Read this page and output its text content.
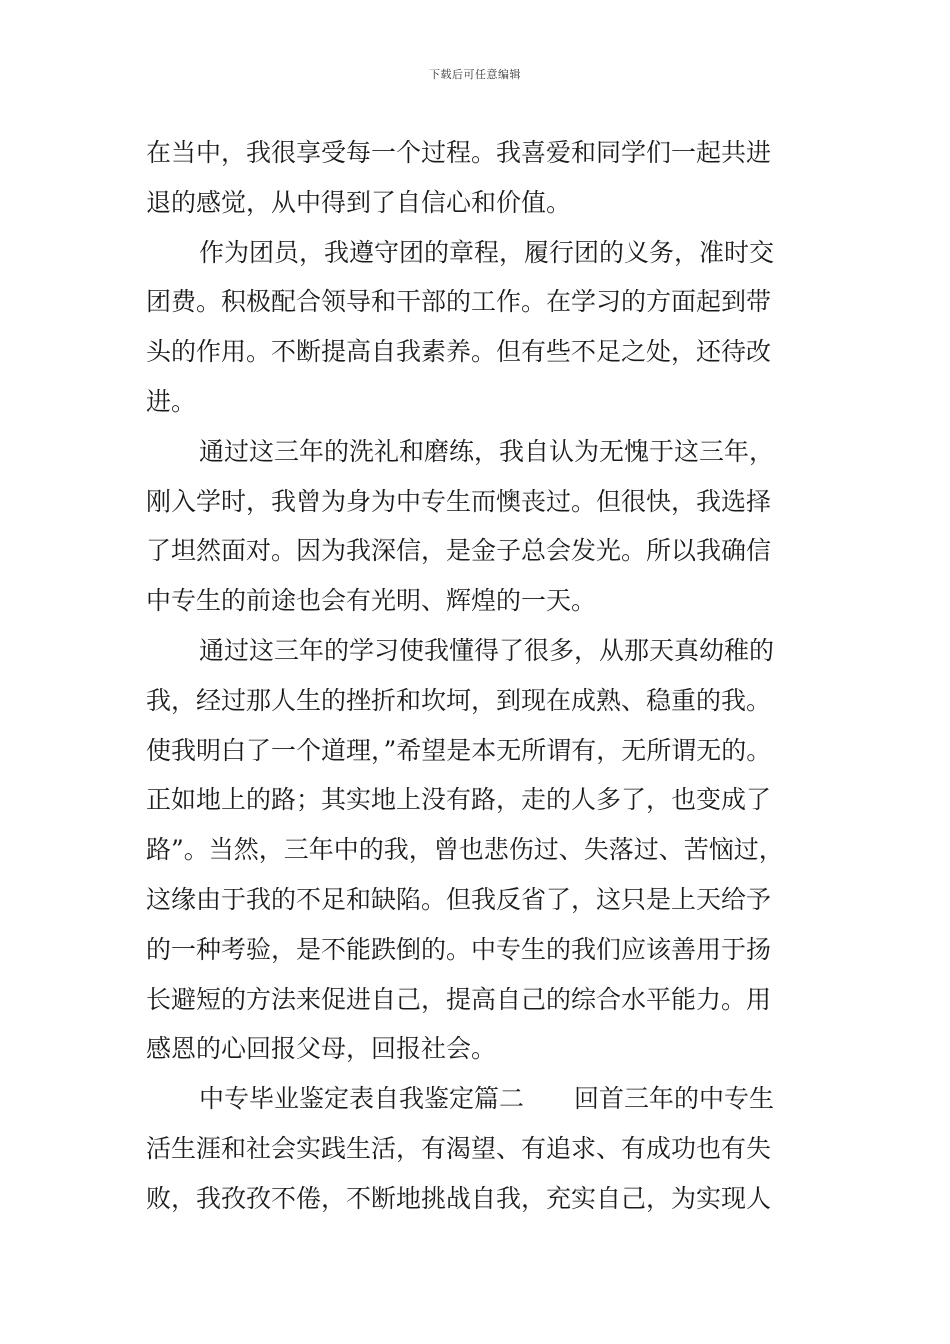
下载后可任意编辑
在当中，我很享受每一个过程。我喜爱和同学们一起共进
退的感觉，从中得到了自信心和价值。
作为团员，我遵守团的章程，履行团的义务，准时交
团费。积极配合领导和干部的工作。在学习的方面起到带
头的作用。不断提高自我素养。但有些不足之处，还待改
进。
通过这三年的洗礼和磨练，我自认为无愧于这三年，
刚入学时，我曾为身为中专生而懊丧过。但很快，我选择
了坦然面对。因为我深信，是金子总会发光。所以我确信
中专生的前途也会有光明、辉煌的一天。
通过这三年的学习使我懂得了很多，从那天真幼稚的
我，经过那人生的挫折和坎坷，到现在成熟、稳重的我。
使我明白了一个道理，”希望是本无所谓有，无所谓无的。
正如地上的路；其实地上没有路，走的人多了，也变成了
路”。当然，三年中的我，曾也悲伤过、失落过、苦恼过，
这缘由于我的不足和缺陷。但我反省了，这只是上天给予
的一种考验，是不能跌倒的。中专生的我们应该善用于扬
长避短的方法来促进自己，提高自己的综合水平能力。用
感恩的心回报父母，回报社会。
中专毕业鉴定表自我鉴定篇二　　回首三年的中专生
活生涯和社会实践生活，有渴望、有追求、有成功也有失
败，我孜孜不倦，不断地挑战自我，充实自己，为实现人
